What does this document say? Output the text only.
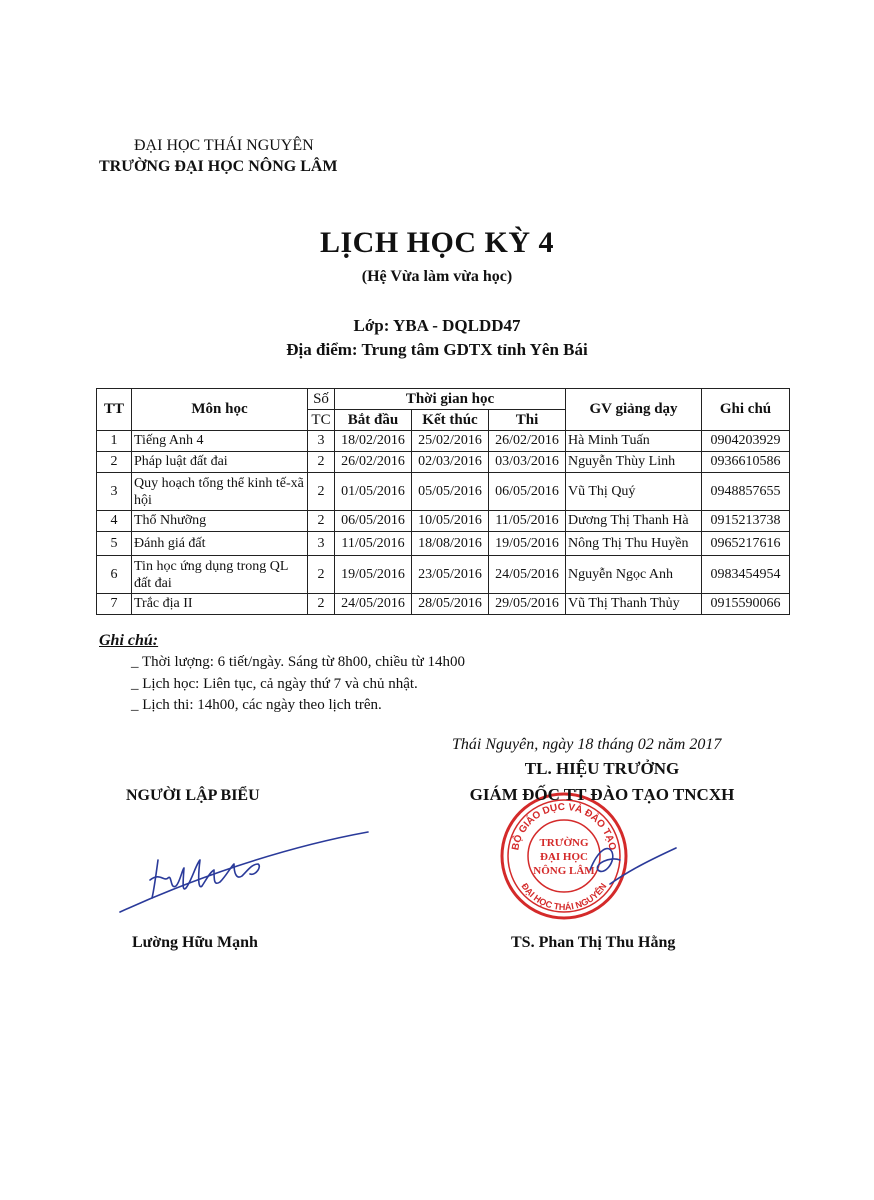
ĐẠI HỌC THÁI NGUYÊN
TRƯỜNG ĐẠI HỌC NÔNG LÂM
LỊCH HỌC KỲ 4
(Hệ Vừa làm vừa học)
Lớp: YBA - DQLDD47
Địa điểm: Trung tâm GDTX tỉnh Yên Bái
TT	Môn học	Số	Thời gian học			GV giảng dạy	Ghi chú
		TC	Bắt đầu	Kết thúc	Thi		
1	Tiếng Anh 4	3	18/02/2016	25/02/2016	26/02/2016	Hà Minh Tuấn	0904203929
2	Pháp luật đất đai	2	26/02/2016	02/03/2016	03/03/2016	Nguyễn Thùy Linh	0936610586
3	Quy hoạch tổng thể kinh tế-xã hội	2	01/05/2016	05/05/2016	06/05/2016	Vũ Thị Quý	0948857655
4	Thổ Nhưỡng	2	06/05/2016	10/05/2016	11/05/2016	Dương Thị Thanh Hà	0915213738
5	Đánh giá đất	3	11/05/2016	18/08/2016	19/05/2016	Nông Thị Thu Huyền	0965217616
6	Tin học ứng dụng trong QL đất đai	2	19/05/2016	23/05/2016	24/05/2016	Nguyễn Ngọc Anh	0983454954
7	Trắc địa II	2	24/05/2016	28/05/2016	29/05/2016	Vũ Thị Thanh Thủy	0915590066
Ghi chú:
_ Thời lượng: 6 tiết/ngày. Sáng từ 8h00, chiều từ 14h00
_ Lịch học: Liên tục, cả ngày thứ 7 và chủ nhật.
_ Lịch thi: 14h00, các ngày theo lịch trên.
Thái Nguyên, ngày 18 tháng 02 năm 2017
TL. HIỆU TRƯỞNG
NGƯỜI LẬP BIỂU
BỘ GIÁO DỤC VÀ ĐÀO TẠO
ĐẠI HỌC THÁI NGUYÊN
TRƯỜNG
ĐẠI HỌC
NÔNG LÂM
GIÁM ĐỐC TT ĐÀO TẠO TNCXH
Lường Hữu Mạnh	TS. Phan Thị Thu Hằng
